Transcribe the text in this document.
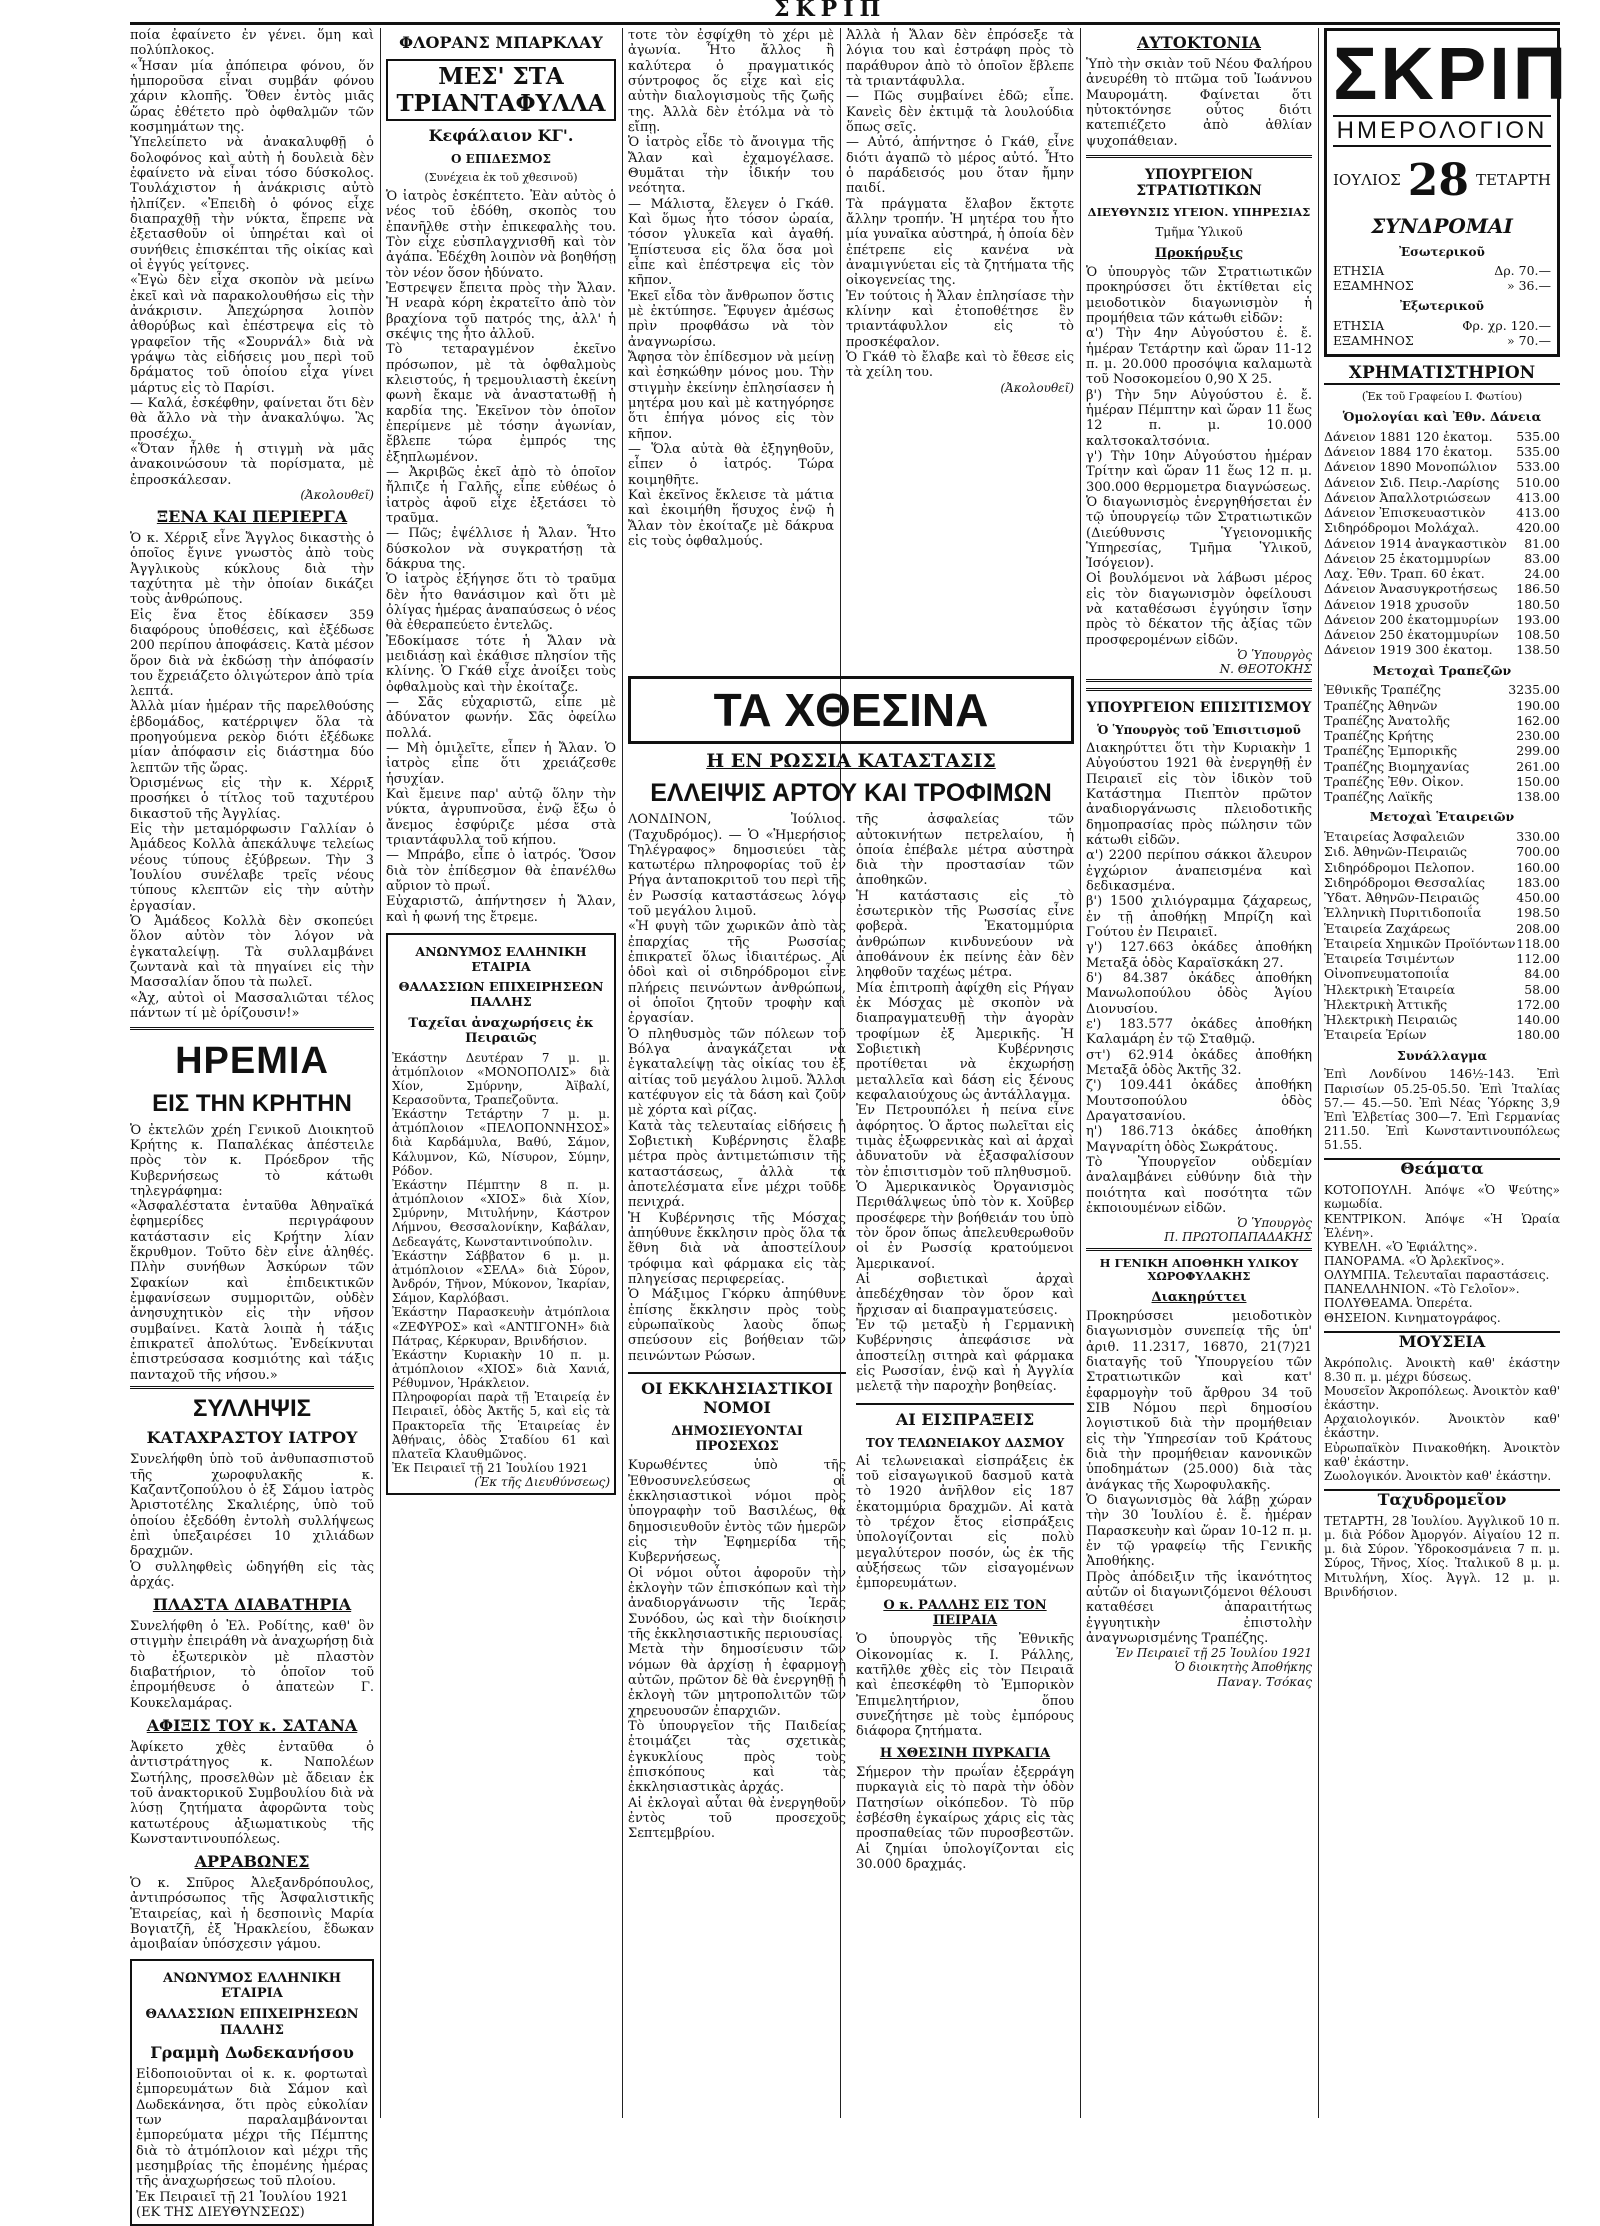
ΣΚΡΙΠ
ποία ἐφαίνετο ἐν γένει. ὅμη καὶ πολύπλοκος.
«Ἦσαν μία ἀπόπειρα φόνου, ὅν ἡμποροῦσα εἶναι συμβάν φόνου χάριν κλοπῆς. Ὅθεν ἐντὸς μιᾶς ὥρας ἐθέτετο πρὸ ὀφθαλμῶν τῶν κοσμημάτων της.
Ὑπελείπετο νὰ ἀνακαλυφθῇ ὁ δολοφόνος καὶ αὐτὴ ἡ δουλειὰ δὲν ἐφαίνετο νὰ εἶναι τόσο δύσκολος. Τουλάχιστον ἡ ἀνάκρισις αὐτὸ ἠλπίζεν. «Ἐπειδὴ ὁ φόνος εἶχε διαπραχθῇ τὴν νύκτα, ἔπρεπε νὰ ἐξετασθοῦν οἱ ὑπηρέται καὶ οἱ συνήθεις ἐπισκέπται τῆς οἰκίας καὶ οἱ ἐγγύς γείτονες.
«Ἐγὼ δὲν εἶχα σκοπὸν νὰ μείνω ἐκεῖ καὶ νὰ παρακολουθήσω εἰς τὴν ἀνάκρισιν. Ἀπεχώρησα λοιπὸν ἀθορύβως καὶ ἐπέστρεψα εἰς τὸ γραφεῖον τῆς «Σουρνάλ» διὰ νὰ γράψω τὰς εἰδήσεις μου περὶ τοῦ δράματος τοῦ ὁποίου εἶχα γίνει μάρτυς εἰς τὸ Παρίσι.
— Καλά, ἐσκέφθην, φαίνεται ὅτι δὲν θὰ ἄλλο νὰ τὴν ἀνακαλύψω. Ἂς προσέχω.
«Ὅταν ἦλθε ἡ στιγμὴ νὰ μᾶς ἀνακοινώσουν τὰ πορίσματα, μὲ ἐπροσκάλεσαν.
(Ἀκολουθεῖ)
ΞΕΝΑ ΚΑΙ ΠΕΡΙΕΡΓΑ
Ὁ κ. Χέρριξ εἶνε Ἄγγλος δικαστὴς ὁ ὁποῖος ἔγινε γνωστὸς ἀπὸ τοὺς Ἀγγλικοὺς κύκλους διὰ τὴν ταχύτητα μὲ τὴν ὁποίαν δικάζει τοὺς ἀνθρώπους.
Εἰς ἕνα ἔτος ἐδίκασεν 359 διαφόρους ὑποθέσεις, καὶ ἐξέδωσε 200 περίπου ἀποφάσεις. Κατὰ μέσον ὅρον διὰ νὰ ἐκδώσῃ τὴν ἀπόφασίν του ἔχρειάζετο ὀλιγώτερον ἀπὸ τρία λεπτά.
Ἀλλὰ μίαν ἡμέραν τῆς παρελθούσης ἑβδομάδος, κατέρριψεν ὅλα τὰ προηγούμενα ρεκὸρ διότι ἐξέδωκε μίαν ἀπόφασιν εἰς διάστημα δύο λεπτῶν τῆς ὥρας.
Ὀρισμένως εἰς τὴν κ. Χέρριξ προσήκει ὁ τίτλος τοῦ ταχυτέρου δικαστοῦ τῆς Ἀγγλίας.
Εἰς τὴν μεταμόρφωσιν Γαλλίαν ὁ Ἀμάδεος Κολλὰ ἀπεκάλυψε τελείως νέους τύπους ἐξύβρεων. Τὴν 3 Ἰουλίου συνέλαβε τρεῖς νέους τύπους κλεπτῶν εἰς τὴν αὐτὴν ἐργασίαν.
Ὁ Ἀμάδεος Κολλὰ δὲν σκοπεύει ὅλον αὐτὸν τὸν λόγον νὰ ἐγκαταλείψῃ. Τὰ συλλαμβάνει ζωντανὰ καὶ τὰ πηγαίνει εἰς τὴν Μασσαλίαν ὅπου τὰ πωλεῖ.
«Ἀχ, αὐτοὶ οἱ Μασσαλιῶται τέλος πάντων τί μὲ ὁρίζουσιν!»
ΗΡΕΜΙΑ
ΕΙΣ ΤΗΝ ΚΡΗΤΗΝ
Ὁ ἐκτελῶν χρέη Γενικοῦ Διοικητοῦ Κρήτης κ. Παπαλέκας ἀπέστειλε πρὸς τὸν κ. Πρόεδρον τῆς Κυβερνήσεως τὸ κάτωθι τηλεγράφημα:
«Ἀσφαλέστατα ἐνταῦθα Ἀθηναϊκά ἐφημερίδες περιγράφουν κατάστασιν εἰς Κρήτην λίαν ἔκρυθμον. Τοῦτο δὲν εἶνε ἀληθές. Πλὴν συνήθων Ἀσκύρων τῶν Σφακίων καὶ ἐπιδεικτικῶν ἐμφανίσεων συμμοριτῶν, οὐδὲν ἀνησυχητικὸν εἰς τὴν νῆσον συμβαίνει. Κατὰ λοιπὰ ἡ τάξις ἐπικρατεῖ ἀπολύτως. Ἐνδείκνυται ἐπιστρεύσασα κοσμιότης καὶ τάξις πανταχοῦ τῆς νήσου.»
ΣΥΛΛΗΨΙΣ
ΚΑΤΑΧΡΑΣΤΟΥ ΙΑΤΡΟΥ
Συνελήφθη ὑπὸ τοῦ ἀνθυπασπιστοῦ τῆς χωροφυλακῆς κ. Καζαντζοπούλου ὁ ἐξ Σάμου ἰατρὸς Ἀριστοτέλης Σκαλιέρης, ὑπὸ τοῦ ὁποίου ἐξεδόθη ἐντολὴ συλλήψεως ἐπὶ ὑπεξαιρέσει 10 χιλιάδων δραχμῶν.
Ὁ συλληφθεὶς ὡδηγήθη εἰς τὰς ἀρχάς.
ΠΛΑΣΤΑ ΔΙΑΒΑΤΗΡΙΑ
Συνελήφθη ὁ Ἐλ. Ροδίτης, καθ' ὃν στιγμὴν ἐπειράθη νὰ ἀναχωρήσῃ διὰ τὸ ἐξωτερικὸν μὲ πλαστὸν διαβατήριον, τὸ ὁποῖον τοῦ ἐπρομήθευσε ὁ ἀπατεὼν Γ. Κουκελαμάρας.
ΑΦΙΞΙΣ ΤΟΥ κ. ΣΑΤΑΝΑ
Ἀφίκετο χθὲς ἐνταῦθα ὁ ἀντιστράτηγος κ. Ναπολέων Σωτήλης, προσελθὼν μὲ ἄδειαν ἐκ τοῦ ἀνακτορικοῦ Συμβουλίου διὰ νὰ λύσῃ ζητήματα ἀφορῶντα τοὺς κατωτέρους ἀξιωματικοὺς τῆς Κωνσταντινουπόλεως.
ΑΡΡΑΒΩΝΕΣ
Ὁ κ. Σπῦρος Ἀλεξανδρόπουλος, ἀντιπρόσωπος τῆς Ἀσφαλιστικῆς Ἑταιρείας, καὶ ἡ δεσποινὶς Μαρία Βογιατζῆ, ἐξ Ἡρακλείου, ἔδωκαν ἀμοιβαίαν ὑπόσχεσιν γάμου.
ΑΝΩΝΥΜΟΣ ΕΛΛΗΝΙΚΗ ΕΤΑΙΡΙΑ
ΘΑΛΑΣΣΙΩΝ ΕΠΙΧΕΙΡΗΣΕΩΝ ΠΑΛΛΗΣ
Γραμμὴ Δωδεκανήσου
Εἰδοποιοῦνται οἱ κ. κ. φορτωταὶ ἐμπορευμάτων διὰ Σάμον καὶ Δωδεκάνησα, ὅτι πρὸς εὐκολίαν των παραλαμβάνονται ἐμπορεύματα μέχρι τῆς Πέμπτης διὰ τὸ ἀτμόπλοιον καὶ μέχρι τῆς μεσημβρίας τῆς ἐπομένης ἡμέρας τῆς ἀναχωρήσεως τοῦ πλοίου.
Ἐκ Πειραιεῖ τῇ 21 Ἰουλίου 1921
(ΕΚ ΤΗΣ ΔΙΕΥΘΥΝΣΕΩΣ)
ΦΛΟΡΑΝΣ ΜΠΑΡΚΛΑΥ
ΜΕΣ' ΣΤΑ ΤΡΙΑΝΤΑΦΥΛΛΑ
Κεφάλαιον ΚΓ'.
Ο ΕΠΙΔΕΣΜΟΣ
(Συνέχεια ἐκ τοῦ χθεσινοῦ)
Ὁ ἰατρὸς ἐσκέπτετο. Ἐὰν αὐτὸς ὁ νέος τοῦ ἐδόθη, σκοπὸς του ἐπανῆλθε στὴν ἐπικεφαλὴς του. Τὸν εἶχε εὐσπλαγχνισθῆ καὶ τὸν ἀγάπα. Ἐδέχθη λοιπὸν νὰ βοηθήσῃ τὸν νέον ὅσον ἠδύνατο.
Ἐστρεψεν ἔπειτα πρὸς τὴν Ἄλαν. Ἡ νεαρὰ κόρη ἐκρατεῖτο ἀπὸ τὸν βραχίονα τοῦ πατρός της, ἀλλ' ἡ σκέψις της ἦτο ἀλλοῦ.
Τὸ τεταραγμένον ἐκεῖνο πρόσωπον, μὲ τὰ ὀφθαλμοὺς κλειστούς, ἡ τρεμουλιαστὴ ἐκείνη φωνὴ ἔκαμε νὰ ἀναστατωθῇ ἡ καρδία της. Ἐκεῖνον τὸν ὁποῖον ἐπερίμενε μὲ τόσην ἀγωνίαν, ἔβλεπε τώρα ἐμπρός της ἐξηπλωμένον.
— Ἀκριβῶς ἐκεῖ ἀπὸ τὸ ὁποῖον ἤλπιζε ἡ Γαλῆς, εἶπε εὐθέως ὁ ἰατρὸς ἀφοῦ εἶχε ἐξετάσει τὸ τραῦμα.
— Πῶς; ἐψέλλισε ἡ Ἄλαν. Ἦτο δύσκολον νὰ συγκρατήσῃ τὰ δάκρυα της.
Ὁ ἰατρὸς ἐξήγησε ὅτι τὸ τραῦμα δὲν ἦτο θανάσιμον καὶ ὅτι μὲ ὀλίγας ἡμέρας ἀναπαύσεως ὁ νέος θὰ ἐθεραπεύετο ἐντελῶς.
Ἐδοκίμασε τότε ἡ Ἄλαν νὰ μειδιάσῃ καὶ ἐκάθισε πλησίον τῆς κλίνης. Ὁ Γκάθ εἶχε ἀνοίξει τοὺς ὀφθαλμοὺς καὶ τὴν ἐκοίταζε.
— Σᾶς εὐχαριστῶ, εἶπε μὲ ἀδύνατον φωνήν. Σᾶς ὀφείλω πολλά.
— Μὴ ὁμιλεῖτε, εἶπεν ἡ Ἄλαν. Ὁ ἰατρὸς εἶπε ὅτι χρειάζεσθε ἡσυχίαν.
Καὶ ἔμεινε παρ' αὐτῷ ὅλην τὴν νύκτα, ἀγρυπνοῦσα, ἐνῷ ἔξω ὁ ἄνεμος ἐσφύριζε μέσα στὰ τριαντάφυλλα τοῦ κήπου.
— Μπράβο, εἶπε ὁ ἰατρός. Ὅσον διὰ τὸν ἐπίδεσμον θὰ ἐπανέλθω αὔριον τὸ πρωΐ.
Εὐχαριστῶ, ἀπήντησεν ἡ Ἄλαν, καὶ ἡ φωνή της ἔτρεμε.
ΑΝΩΝΥΜΟΣ ΕΛΛΗΝΙΚΗ ΕΤΑΙΡΙΑ
ΘΑΛΑΣΣΙΩΝ ΕΠΙΧΕΙΡΗΣΕΩΝ ΠΑΛΛΗΣ
Ταχεῖαι ἀναχωρήσεις ἐκ Πειραιῶς
Ἐκάστην Δευτέραν 7 μ. μ. ἀτμόπλοιον «ΜΟΝΟΠΟΛΙΣ» διὰ Χίον, Σμύρνην, Ἀϊβαλί, Κερασοῦντα, Τραπεζοῦντα.
Ἐκάστην Τετάρτην 7 μ. μ. ἀτμόπλοιον «ΠΕΛΟΠΟΝΝΗΣΟΣ» διὰ Καρδάμυλα, Βαθύ, Σάμον, Κάλυμνον, Κῶ, Νίσυρον, Σύμην, Ρόδον.
Ἐκάστην Πέμπτην 8 π. μ. ἀτμόπλοιον «ΧΙΟΣ» διὰ Χίον, Σμύρνην, Μιτυλήνην, Κάστρον Λήμνου, Θεσσαλονίκην, Καβάλαν, Δεδεαγάτς, Κωνσταντινούπολιν.
Ἐκάστην Σάββατον 6 μ. μ. ἀτμόπλοιον «ΣΕΛΑ» διὰ Σύρον, Ἀνδρόν, Τῆνον, Μύκονον, Ἰκαρίαν, Σάμον, Καρλόβασι.
Ἐκάστην Παρασκευὴν ἀτμόπλοια «ΖΕΦΥΡΟΣ» καὶ «ΑΝΤΙΓΟΝΗ» διὰ Πάτρας, Κέρκυραν, Βρινδήσιον.
Ἐκάστην Κυριακὴν 10 π. μ. ἀτμόπλοιον «ΧΙΟΣ» διὰ Χανιά, Ρέθυμνον, Ἡράκλειον.
Πληροφορίαι παρὰ τῇ Ἑταιρείᾳ ἐν Πειραιεῖ, ὁδὸς Ἀκτῆς 5, καὶ εἰς τὰ Πρακτορεῖα τῆς Ἑταιρείας ἐν Ἀθήναις, ὁδὸς Σταδίου 61 καὶ πλατεῖα Κλαυθμῶνος.
Ἐκ Πειραιεῖ τῇ 21 Ἰουλίου 1921
(Ἐκ τῆς Διευθύνσεως)
τοτε τὸν ἐσφίχθη τὸ χέρι μὲ ἀγωνία. Ἦτο ἄλλος ἢ καλύτερα ὁ πραγματικός σύντροφος ὅς εἶχε καὶ εἰς αὐτὴν διαλογισμοὺς τῆς ζωῆς της. Ἀλλὰ δὲν ἐτόλμα νὰ τὸ εἴπῃ.
Ὁ ἰατρὸς εἶδε τὸ ἄνοιγμα τῆς Ἄλαν καὶ ἐχαμογέλασε. Θυμᾶται τὴν ἰδικήν του νεότητα.
— Μάλιστα, ἔλεγεν ὁ Γκάθ. Καὶ ὅμως ἦτο τόσον ὡραία, τόσον γλυκεῖα καὶ ἀγαθή. Ἐπίστευσα εἰς ὅλα ὅσα μοὶ εἶπε καὶ ἐπέστρεψα εἰς τὸν κῆπον.
Ἐκεῖ εἶδα τὸν ἄνθρωπον ὅστις μὲ ἐκτύπησε. Ἔφυγεν ἀμέσως πρὶν προφθάσω νὰ τὸν ἀναγνωρίσω.
Ἄφησα τὸν ἐπίδεσμον νὰ μείνῃ καὶ ἐσηκώθην μόνος μου. Τὴν στιγμὴν ἐκείνην ἐπλησίασεν ἡ μητέρα μου καὶ μὲ κατηγόρησε ὅτι ἐπήγα μόνος εἰς τὸν κῆπον.
— Ὅλα αὐτὰ θὰ ἐξηγηθοῦν, εἶπεν ὁ ἰατρός. Τώρα κοιμηθῆτε.
Καὶ ἐκεῖνος ἔκλεισε τὰ μάτια καὶ ἐκοιμήθη ἥσυχος ἐνῷ ἡ Ἄλαν τὸν ἐκοίταζε μὲ δάκρυα εἰς τοὺς ὀφθαλμούς.
Ἀλλὰ ἡ Ἄλαν δὲν ἐπρόσεξε τὰ λόγια του καὶ ἐστράφη πρὸς τὸ παράθυρον ἀπὸ τὸ ὁποῖον ἔβλεπε τὰ τριαντάφυλλα.
— Πῶς συμβαίνει ἐδῶ; εἶπε. Κανεὶς δὲν ἐκτιμᾷ τὰ λουλούδια ὅπως σεῖς.
— Αὐτό, ἀπήντησε ὁ Γκάθ, εἶνε διότι ἀγαπῶ τὸ μέρος αὐτό. Ἦτο ὁ παράδεισός μου ὅταν ἤμην παιδί.
Τὰ πράγματα ἔλαβον ἔκτοτε ἄλλην τροπήν. Ἡ μητέρα του ἦτο μία γυναῖκα αὐστηρά, ἡ ὁποία δὲν ἐπέτρεπε εἰς κανένα νὰ ἀναμιγνύεται εἰς τὰ ζητήματα τῆς οἰκογενείας της.
Ἐν τούτοις ἡ Ἄλαν ἐπλησίασε τὴν κλίνην καὶ ἐτοποθέτησε ἓν τριαντάφυλλον εἰς τὸ προσκέφαλον.
Ὁ Γκάθ τὸ ἔλαβε καὶ τὸ ἔθεσε εἰς τὰ χείλη του.
(Ἀκολουθεῖ)
ΤΑ ΧΘΕΣΙΝΑ
Η ΕΝ ΡΩΣΣΙΑ ΚΑΤΑΣΤΑΣΙΣ
ΕΛΛΕΙΨΙΣ ΑΡΤΟΥ ΚΑΙ ΤΡΟΦΙΜΩΝ
ΛΟΝΔΙΝΟΝ, Ἰούλιος. (Ταχυδρόμος). — Ὁ «Ἡμερήσιος Τηλέγραφος» δημοσιεύει τὰς κατωτέρω πληροφορίας τοῦ ἐν Ρήγα ἀνταποκριτοῦ του περὶ τῆς ἐν Ρωσσίᾳ καταστάσεως λόγῳ τοῦ μεγάλου λιμοῦ.
«Ἡ φυγὴ τῶν χωρικῶν ἀπὸ τὰς ἐπαρχίας τῆς Ρωσσίας ἐπικρατεῖ ὅλως ἰδιαιτέρως. Αἱ ὁδοὶ καὶ οἱ σιδηρόδρομοι εἶνε πλήρεις πεινώντων ἀνθρώπων, οἱ ὁποῖοι ζητοῦν τροφὴν καὶ ἐργασίαν.
Ὁ πληθυσμὸς τῶν πόλεων τοῦ Βόλγα ἀναγκάζεται νὰ ἐγκαταλείψῃ τὰς οἰκίας του ἐξ αἰτίας τοῦ μεγάλου λιμοῦ. Ἄλλοι κατέφυγον εἰς τὰ δάση καὶ ζοῦν μὲ χόρτα καὶ ρίζας.
Κατὰ τὰς τελευταίας εἰδήσεις ἡ Σοβιετικὴ Κυβέρνησις ἔλαβε μέτρα πρὸς ἀντιμετώπισιν τῆς καταστάσεως, ἀλλὰ τὰ ἀποτελέσματα εἶνε μέχρι τοῦδε πενιχρά.
Ἡ Κυβέρνησις τῆς Μόσχας ἀπηύθυνε ἔκκλησιν πρὸς ὅλα τὰ ἔθνη διὰ νὰ ἀποστείλουν τρόφιμα καὶ φάρμακα εἰς τὰς πληγείσας περιφερείας.
Ὁ Μάξιμος Γκόρκυ ἀπηύθυνε ἐπίσης ἔκκλησιν πρὸς τοὺς εὐρωπαϊκοὺς λαοὺς ὅπως σπεύσουν εἰς βοήθειαν τῶν πεινώντων Ρώσων.
ΟΙ ΕΚΚΛΗΣΙΑΣΤΙΚΟΙ ΝΟΜΟΙ
ΔΗΜΟΣΙΕΥΟΝΤΑΙ ΠΡΟΣΕΧΩΣ
Κυρωθέντες ὑπὸ τῆς Ἐθνοσυνελεύσεως οἱ ἐκκλησιαστικοὶ νόμοι πρὸς ὑπογραφὴν τοῦ Βασιλέως, θὰ δημοσιευθοῦν ἐντὸς τῶν ἡμερῶν εἰς τὴν Ἐφημερίδα τῆς Κυβερνήσεως.
Οἱ νόμοι οὗτοι ἀφοροῦν τὴν ἐκλογὴν τῶν ἐπισκόπων καὶ τὴν ἀναδιοργάνωσιν τῆς Ἱερᾶς Συνόδου, ὡς καὶ τὴν διοίκησιν τῆς ἐκκλησιαστικῆς περιουσίας.
Μετὰ τὴν δημοσίευσιν τῶν νόμων θὰ ἀρχίσῃ ἡ ἐφαρμογὴ αὐτῶν, πρῶτον δὲ θὰ ἐνεργηθῇ ἡ ἐκλογὴ τῶν μητροπολιτῶν τῶν χηρευουσῶν ἐπαρχιῶν.
Τὸ ὑπουργεῖον τῆς Παιδείας ἑτοιμάζει τὰς σχετικὰς ἐγκυκλίους πρὸς τοὺς ἐπισκόπους καὶ τὰς ἐκκλησιαστικὰς ἀρχάς.
Αἱ ἐκλογαὶ αὗται θὰ ἐνεργηθοῦν ἐντὸς τοῦ προσεχοῦς Σεπτεμβρίου.
τῆς ἀσφαλείας τῶν αὐτοκινήτων πετρελαίου, ἡ ὁποία ἐπέβαλε μέτρα αὐστηρὰ διὰ τὴν προστασίαν τῶν ἀποθηκῶν.
Ἡ κατάστασις εἰς τὸ ἐσωτερικὸν τῆς Ρωσσίας εἶνε φοβερὰ. Ἐκατομμύρια ἀνθρώπων κινδυνεύουν νὰ ἀποθάνουν ἐκ πείνης ἐὰν δὲν ληφθοῦν ταχέως μέτρα.
Μία ἐπιτροπὴ ἀφίχθη εἰς Ρήγαν ἐκ Μόσχας μὲ σκοπὸν νὰ διαπραγματευθῇ τὴν ἀγορὰν τροφίμων ἐξ Ἀμερικῆς. Ἡ Σοβιετικὴ Κυβέρνησις προτίθεται νὰ ἐκχωρήσῃ μεταλλεῖα καὶ δάση εἰς ξένους κεφαλαιούχους ὡς ἀντάλλαγμα.
Ἐν Πετρουπόλει ἡ πείνα εἶνε ἀφόρητος. Ὁ ἄρτος πωλεῖται εἰς τιμὰς ἐξωφρενικὰς καὶ αἱ ἀρχαὶ ἀδυνατοῦν νὰ ἐξασφαλίσουν τὸν ἐπισιτισμὸν τοῦ πληθυσμοῦ.
Ὁ Ἀμερικανικὸς Ὀργανισμὸς Περιθάλψεως ὑπὸ τὸν κ. Χοῦβερ προσέφερε τὴν βοήθειάν του ὑπὸ τὸν ὅρον ὅπως ἀπελευθερωθοῦν οἱ ἐν Ρωσσίᾳ κρατούμενοι Ἀμερικανοί.
Αἱ σοβιετικαὶ ἀρχαὶ ἀπεδέχθησαν τὸν ὅρον καὶ ἤρχισαν αἱ διαπραγματεύσεις.
Ἐν τῷ μεταξὺ ἡ Γερμανικὴ Κυβέρνησις ἀπεφάσισε νὰ ἀποστείλῃ σιτηρὰ καὶ φάρμακα εἰς Ρωσσίαν, ἐνῷ καὶ ἡ Ἀγγλία μελετᾷ τὴν παροχὴν βοηθείας.
ΑΙ ΕΙΣΠΡΑΞΕΙΣ
ΤΟΥ ΤΕΛΩΝΕΙΑΚΟΥ ΔΑΣΜΟΥ
Αἱ τελωνειακαὶ εἰσπράξεις ἐκ τοῦ εἰσαγωγικοῦ δασμοῦ κατὰ τὸ 1920 ἀνῆλθον εἰς 187 ἑκατομμύρια δραχμῶν. Αἱ κατὰ τὸ τρέχον ἔτος εἰσπράξεις ὑπολογίζονται εἰς πολὺ μεγαλύτερον ποσόν, ὡς ἐκ τῆς αὐξήσεως τῶν εἰσαγομένων ἐμπορευμάτων.
Ο κ. ΡΑΛΛΗΣ ΕΙΣ ΤΟΝ ΠΕΙΡΑΙΑ
Ὁ ὑπουργὸς τῆς Ἐθνικῆς Οἰκονομίας κ. Ι. Ράλλης, κατῆλθε χθὲς εἰς τὸν Πειραιᾶ καὶ ἐπεσκέφθη τὸ Ἐμπορικὸν Ἐπιμελητήριον, ὅπου συνεζήτησε μὲ τοὺς ἐμπόρους διάφορα ζητήματα.
Η ΧΘΕΣΙΝΗ ΠΥΡΚΑΓΙΑ
Σήμερον τὴν πρωΐαν ἐξερράγη πυρκαγιὰ εἰς τὸ παρὰ τὴν ὁδὸν Πατησίων οἰκόπεδον. Τὸ πῦρ ἐσβέσθη ἐγκαίρως χάρις εἰς τὰς προσπαθείας τῶν πυροσβεστῶν. Αἱ ζημίαι ὑπολογίζονται εἰς 30.000 δραχμάς.
ΑΥΤΟΚΤΟΝΙΑ
Ὑπὸ τὴν σκιὰν τοῦ Νέου Φαλήρου ἀνευρέθη τὸ πτῶμα τοῦ Ἰωάννου Μαυρομάτη. Φαίνεται ὅτι ηὐτοκτόνησε οὗτος διότι κατεπιέζετο ἀπὸ ἀθλίαν ψυχοπάθειαν.
ΥΠΟΥΡΓΕΙΟΝ ΣΤΡΑΤΙΩΤΙΚΩΝ
ΔΙΕΥΘΥΝΣΙΣ ΥΓΕΙΟΝ. ΥΠΗΡΕΣΙΑΣ
Τμῆμα Ὑλικοῦ
Προκήρυξις
Ὁ ὑπουργὸς τῶν Στρατιωτικῶν προκηρύσσει ὅτι ἐκτίθεται εἰς μειοδοτικὸν διαγωνισμὸν ἡ προμήθεια τῶν κάτωθι εἰδῶν:
α') Τὴν 4ην Αὐγούστου ἐ. ἔ. ἡμέραν Τετάρτην καὶ ὥραν 11-12 π. μ. 20.000 προσόψια καλαμωτὰ τοῦ Νοσοκομείου 0,90 Χ 25.
β') Τὴν 5ην Αὐγούστου ἐ. ἔ. ἡμέραν Πέμπτην καὶ ὥραν 11 ἕως 12 π. μ. 10.000 καλτσοκαλτσόνια.
γ') Τὴν 10ην Αὐγούστου ἡμέραν Τρίτην καὶ ὥραν 11 ἕως 12 π. μ. 300.000 θερμομετρα διαγνώσεως.
Ὁ διαγωνισμὸς ἐνεργηθήσεται ἐν τῷ ὑπουργείῳ τῶν Στρατιωτικῶν (Διεύθυνσις Ὑγειονομικῆς Ὑπηρεσίας, Τμῆμα Ὑλικοῦ, Ἰσόγειον).
Οἱ βουλόμενοι νὰ λάβωσι μέρος εἰς τὸν διαγωνισμὸν ὀφείλουσι νὰ καταθέσωσι ἐγγύησιν ἴσην πρὸς τὸ δέκατον τῆς ἀξίας τῶν προσφερομένων εἰδῶν.
Ὁ Ὑπουργὸς
Ν. ΘΕΟΤΟΚΗΣ
ΥΠΟΥΡΓΕΙΟΝ ΕΠΙΣΙΤΙΣΜΟΥ
Ὁ Ὑπουργὸς τοῦ Ἐπισιτισμοῦ
Διακηρύττει ὅτι τὴν Κυριακὴν 1 Αὐγούστου 1921 θὰ ἐνεργηθῇ ἐν Πειραιεῖ εἰς τὸν ἰδικὸν τοῦ Κατάστημα Πιεπτὸν πρῶτον ἀναδιοργάνωσις πλειοδοτικῆς δημοπρασίας πρὸς πώλησιν τῶν κάτωθι εἰδῶν.
α') 2200 περίπου σάκκοι ἄλευρον ἐγχώριον ἀναπεισμένα καὶ δεδικασμένα.
β') 1500 χιλιόγραμμα ζάχαρεως, ἐν τῇ ἀποθήκῃ Μπρίζη καὶ Γούτου ἐν Πειραιεῖ.
γ') 127.663 ὀκάδες ἀποθήκη Μεταξᾶ ὁδὸς Καραϊσκάκη 27.
δ') 84.387 ὀκάδες ἀποθήκη Μανωλοπούλου ὁδὸς Ἁγίου Διονυσίου.
ε') 183.577 ὀκάδες ἀποθήκη Καλαμάρη ἐν τῷ Σταθμῷ.
στ') 62.914 ὀκάδες ἀποθήκη Μεταξᾶ ὁδὸς Ἀκτῆς 32.
ζ') 109.441 ὀκάδες ἀποθήκη Μουτσοπούλου ὁδὸς Δραγατσανίου.
η') 186.713 ὀκάδες ἀποθήκη Μαγναρίτη ὁδὸς Σωκράτους.
Τὸ Ὑπουργεῖον οὐδεμίαν ἀναλαμβάνει εὐθύνην διὰ τὴν ποιότητα καὶ ποσότητα τῶν ἐκποιουμένων εἰδῶν.
Ὁ Ὑπουργὸς
Π. ΠΡΩΤΟΠΑΠΑΔΑΚΗΣ
Η ΓΕΝΙΚΗ ΑΠΟΘΗΚΗ ΥΛΙΚΟΥ ΧΩΡΟΦΥΛΑΚΗΣ
Διακηρύττει
Προκηρύσσει μειοδοτικὸν διαγωνισμὸν συνεπείᾳ τῆς ὑπ' ἀριθ. 11.2317, 16870, 21(7)21 διαταγῆς τοῦ Ὑπουργείου τῶν Στρατιωτικῶν καὶ κατ' ἐφαρμογὴν τοῦ ἄρθρου 34 τοῦ ΣΙΒ Νόμου περὶ δημοσίου λογιστικοῦ διὰ τὴν προμήθειαν εἰς τὴν Ὑπηρεσίαν τοῦ Κράτους διὰ τὴν προμήθειαν κανονικῶν ὑποδημάτων (25.000) διὰ τὰς ἀνάγκας τῆς Χωροφυλακῆς.
Ὁ διαγωνισμὸς θὰ λάβῃ χώραν τὴν 30 Ἰουλίου ἐ. ἔ. ἡμέραν Παρασκευὴν καὶ ὥραν 10-12 π. μ. ἐν τῷ γραφείῳ τῆς Γενικῆς Ἀποθήκης.
Πρὸς ἀπόδειξιν τῆς ἱκανότητος αὐτῶν οἱ διαγωνιζόμενοι θέλουσι καταθέσει ἀπαραιτήτως ἐγγυητικὴν ἐπιστολὴν ἀναγνωρισμένης Τραπέζης.
Ἐν Πειραιεῖ τῇ 25 Ἰουλίου 1921
Ὁ διοικητὴς Ἀποθήκης
Παναγ. Τσόκας
ΣΚΡΙΠ
ΗΜΕΡΟΛΟΓΙΟΝ
ΙΟΥΛΙΟΣ 28 ΤΕΤΑΡΤΗ
ΣΥΝΔΡΟΜΑΙ
Ἐσωτερικοῦ
ΕΤΗΣΙΑ	Δρ. 70.—
ΕΞΑΜΗΝΟΣ	» 36.—
Ἐξωτερικοῦ
ΕΤΗΣΙΑ	Φρ. χρ. 120.—
ΕΞΑΜΗΝΟΣ	» 70.—
ΧΡΗΜΑΤΙΣΤΗΡΙΟΝ
(Ἐκ τοῦ Γραφείου Ι. Φωτίου)
Ὁμολογίαι καὶ Ἐθν. Δάνεια
Δάνειον 1881 120 ἑκατομ. 535.00
Δάνειον 1884 170 ἑκατομ. 535.00
Δάνειον 1890 Μονοπώλιον 533.00
Δάνειον Σιδ. Πειρ.-Λαρίσης 510.00
Δάνειον Ἀπαλλοτριώσεων 413.00
Δάνειον Ἐπισκευαστικὸν 413.00
Σιδηρόδρομοι Μολάχαλ.	420.00
Δάνειον 1914 ἀναγκαστικὸν 81.00
Δάνειον 25 ἑκατομμυρίων	83.00
Λαχ. Ἐθν. Τραπ. 60 ἑκατ.	24.00
Δάνειον Ἀνασυγκροτήσεως 186.50
Δάνειον 1918 χρυσοῦν	180.50
Δάνειον 200 ἑκατομμυρίων 193.00
Δάνειον 250 ἑκατομμυρίων 108.50
Δάνειον 1919 300 ἑκατομ. 138.50
Μετοχαὶ Τραπεζῶν
Ἐθνικῆς Τραπέζης	3235.00
Τραπέζης Ἀθηνῶν	190.00
Τραπέζης Ἀνατολῆς	162.00
Τραπέζης Κρήτης	230.00
Τραπέζης Ἐμπορικῆς	299.00
Τραπέζης Βιομηχανίας	261.00
Τραπέζης Ἐθν. Οἰκον.	150.00
Τραπέζης Λαϊκῆς	138.00
Μετοχαὶ Ἑταιρειῶν
Ἑταιρείας Ἀσφαλειῶν	330.00
Σιδ. Ἀθηνῶν-Πειραιῶς	700.00
Σιδηρόδρομοι Πελοπον.	160.00
Σιδηρόδρομοι Θεσσαλίας 183.00
Ὑδατ. Ἀθηνῶν-Πειραιῶς	450.00
Ἑλληνικὴ Πυριτιδοποιΐα	198.50
Ἑταιρεία Ζαχάρεως	208.00
Ἑταιρεία Χημικῶν Προϊόντων 118.00
Ἑταιρεία Τσιμέντων	112.00
Οἰνοπνευματοποιΐα	84.00
Ἠλεκτρικὴ Ἑταιρεία	58.00
Ἠλεκτρικὴ Ἀττικῆς	172.00
Ἠλεκτρικὴ Πειραιῶς	140.00
Ἑταιρεία Ἐρίων	180.00
Συνάλλαγμα
Ἐπὶ Λονδίνου 146½-143. Ἐπὶ Παρισίων 05.25-05.50. Ἐπὶ Ἰταλίας 57.— 45.—50. Ἐπὶ Νέας Ὑόρκης 3,9 Ἐπὶ Ἑλβετίας 300—7. Ἐπὶ Γερμανίας 211.50. Ἐπὶ Κωνσταντινουπόλεως 51.55.
Θεάματα
ΚΟΤΟΠΟΥΛΗ. Ἀπόψε «Ὁ Ψεύτης» κωμωδία.
ΚΕΝΤΡΙΚΟΝ. Ἀπόψε «Ἡ Ὡραία Ἑλένη».
ΚΥΒΕΛΗ. «Ὁ Ἐφιάλτης».
ΠΑΝΟΡΑΜΑ. «Ὁ Ἀρλεκῖνος».
ΟΛΥΜΠΙΑ. Τελευταῖαι παραστάσεις.
ΠΑΝΕΛΛΗΝΙΟΝ. «Τὸ Γελοῖον».
ΠΟΛΥΘΕΑΜΑ. Ὀπερέτα.
ΘΗΣΕΙΟΝ. Κινηματογράφος.
ΜΟΥΣΕΙΑ
Ἀκρόπολις. Ἀνοικτὴ καθ' ἑκάστην 8.30 π. μ. μέχρι δύσεως.
Μουσεῖον Ἀκροπόλεως. Ἀνοικτὸν καθ' ἑκάστην.
Αρχαιολογικόν. Ἀνοικτὸν καθ' ἑκάστην.
Εὐρωπαϊκὸν Πινακοθήκη. Ἀνοικτὸν καθ' ἑκάστην.
Ζωολογικόν. Ἀνοικτὸν καθ' ἑκάστην.
Ταχυδρομεῖον
ΤΕΤΑΡΤΗ, 28 Ἰουλίου. Ἀγγλικοῦ 10 π. μ. διὰ Ρόδον Ἀμοργόν. Αἰγαίου 12 π. μ. διὰ Σύρον. Ὑδροκοσμάνεια 7 π. μ. Σύρος, Τῆνος, Χίος. Ἰταλικοῦ 8 μ. μ. Μιτυλήνη, Χίος. Ἀγγλ. 12 μ. μ. Βρινδήσιον.
